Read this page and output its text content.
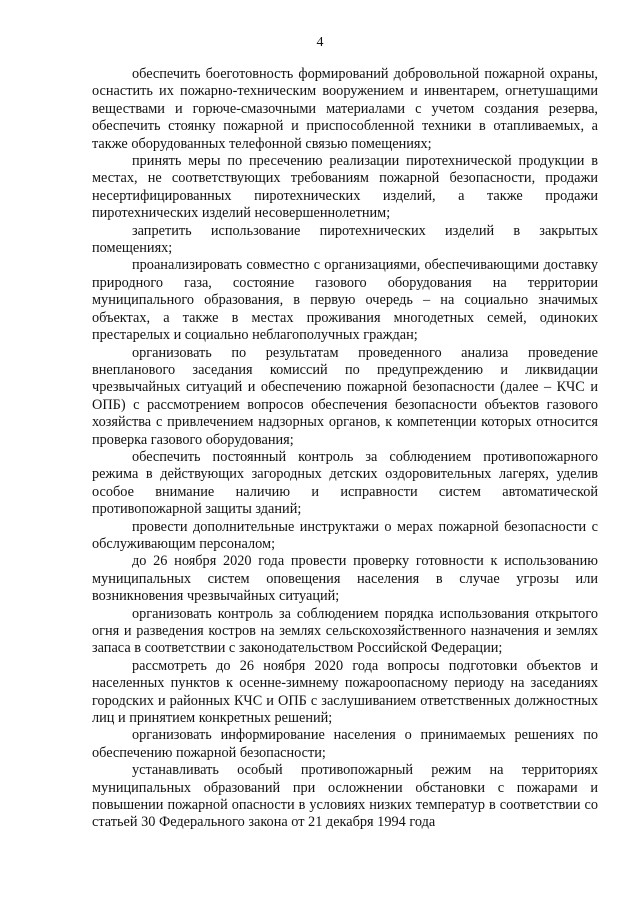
4

обеспечить боеготовность формирований добровольной пожарной охраны, оснастить их пожарно-техническим вооружением и инвентарем, огнетушащими веществами и горюче-смазочными материалами с учетом создания резерва, обеспечить стоянку пожарной и приспособленной техники в отапливаемых, а также оборудованных телефонной связью помещениях;

принять меры по пресечению реализации пиротехнической продукции в местах, не соответствующих требованиям пожарной безопасности, продажи несертифицированных пиротехнических изделий, а также продажи пиротехнических изделий несовершеннолетним;

запретить использование пиротехнических изделий в закрытых помещениях;

проанализировать совместно с организациями, обеспечивающими доставку природного газа, состояние газового оборудования на территории муниципального образования, в первую очередь – на социально значимых объектах, а также в местах проживания многодетных семей, одиноких престарелых и социально неблагополучных граждан;

организовать по результатам проведенного анализа проведение внепланового заседания комиссий по предупреждению и ликвидации чрезвычайных ситуаций и обеспечению пожарной безопасности (далее – КЧС и ОПБ) с рассмотрением вопросов обеспечения безопасности объектов газового хозяйства с привлечением надзорных органов, к компетенции которых относится проверка газового оборудования;

обеспечить постоянный контроль за соблюдением противопожарного режима в действующих загородных детских оздоровительных лагерях, уделив особое внимание наличию и исправности систем автоматической противопожарной защиты зданий;

провести дополнительные инструктажи о мерах пожарной безопасности с обслуживающим персоналом;

до 26 ноября 2020 года провести проверку готовности к использованию муниципальных систем оповещения населения в случае угрозы или возникновения чрезвычайных ситуаций;

организовать контроль за соблюдением порядка использования открытого огня и разведения костров на землях сельскохозяйственного назначения и землях запаса в соответствии с законодательством Российской Федерации;

рассмотреть до 26 ноября 2020 года вопросы подготовки объектов и населенных пунктов к осенне-зимнему пожароопасному периоду на заседаниях городских и районных КЧС и ОПБ с заслушиванием ответственных должностных лиц и принятием конкретных решений;

организовать информирование населения о принимаемых решениях по обеспечению пожарной безопасности;

устанавливать особый противопожарный режим на территориях муниципальных образований при осложнении обстановки с пожарами и повышении пожарной опасности в условиях низких температур в соответствии со статьей 30 Федерального закона от 21 декабря 1994 года
